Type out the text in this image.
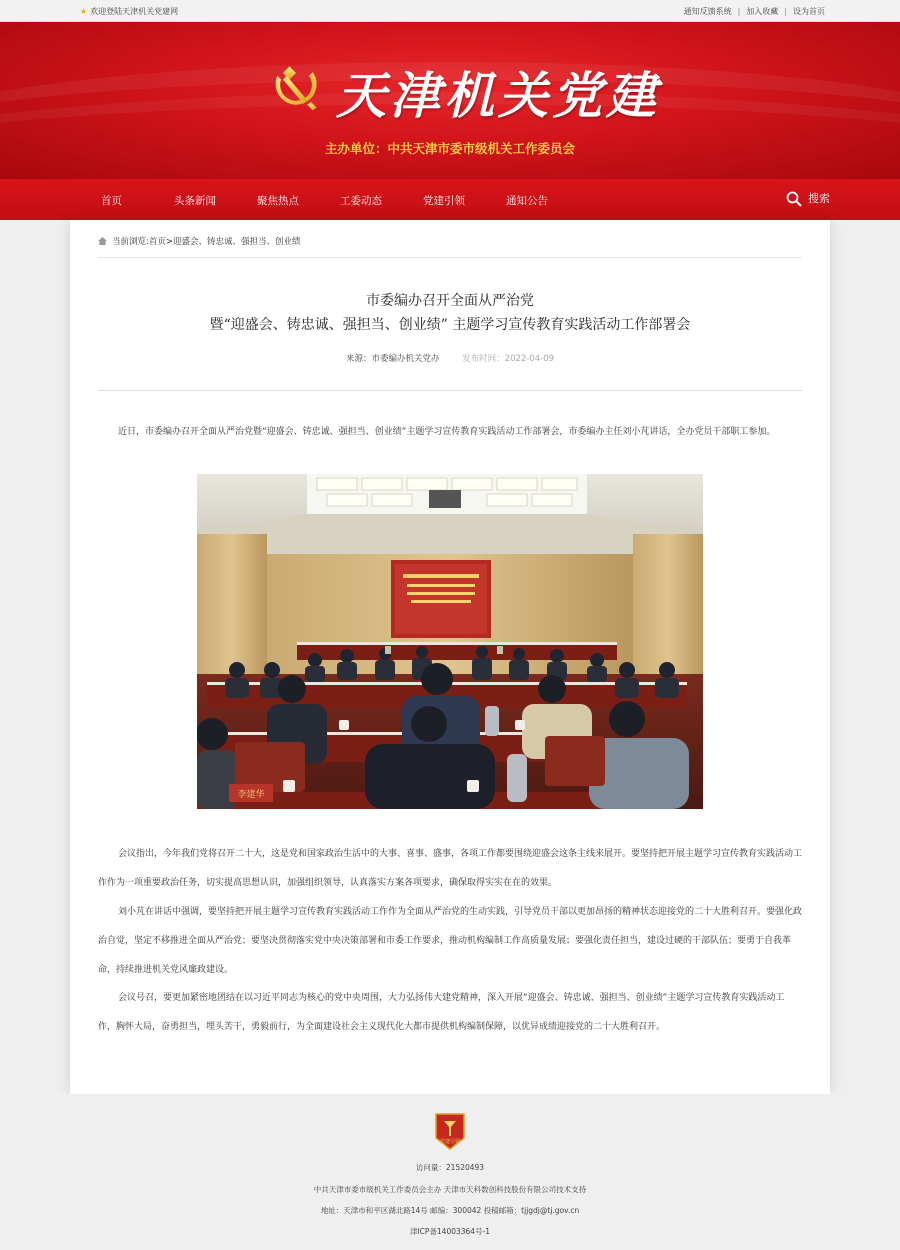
★ 欢迎登陆天津机关党建网	通知反馈系统 | 加入收藏 | 设为首页
天津机关党建
主办单位：中共天津市委市级机关工作委员会
首页	头条新闻	聚焦热点	工委动态	党建引领	通知公告	搜索
当前浏览:首页>迎盛会、铸忠诚、强担当、创业绩
市委编办召开全面从严治党
暨“迎盛会、铸忠诚、强担当、创业绩” 主题学习宣传教育实践活动工作部署会
来源：市委编办机关党办	发布时间：2022-04-09

近日，市委编办召开全面从严治党暨“迎盛会、铸忠诚、强担当、创业绩”主题学习宣传教育实践活动工作部署会，市委编办主任刘小芃讲话，全办党员干部职工参加。

李建华

会议指出，今年我们党将召开二十大，这是党和国家政治生活中的大事、喜事、盛事，各项工作都要围绕迎盛会这条主线来展开。要坚持把开展主题学习宣传教育实践活动工作作为一项重要政治任务，切实提高思想认识，加强组织领导，认真落实方案各项要求，确保取得实实在在的效果。

刘小芃在讲话中强调，要坚持把开展主题学习宣传教育实践活动工作作为全面从严治党的生动实践，引导党员干部以更加昂扬的精神状态迎接党的二十大胜利召开。要强化政治自觉，坚定不移推进全面从严治党；要坚决贯彻落实党中央决策部署和市委工作要求，推动机构编制工作高质量发展；要强化责任担当，建设过硬的干部队伍；要勇于自我革命，持续推进机关党风廉政建设。

会议号召，要更加紧密地团结在以习近平同志为核心的党中央周围，大力弘扬伟大建党精神，深入开展“迎盛会、铸忠诚、强担当、创业绩”主题学习宣传教育实践活动工作，胸怀大局，奋勇担当，埋头苦干，勇毅前行，为全面建设社会主义现代化大都市提供机构编制保障，以优异成绩迎接党的二十大胜利召开。

党建引领
访问量：21520493
中共天津市委市级机关工作委员会主办 天津市天科数创科技股份有限公司技术支持
地址：天津市和平区湖北路14号 邮编：300042 投稿邮箱：tjjgdj@tj.gov.cn
津ICP备14003364号-1
